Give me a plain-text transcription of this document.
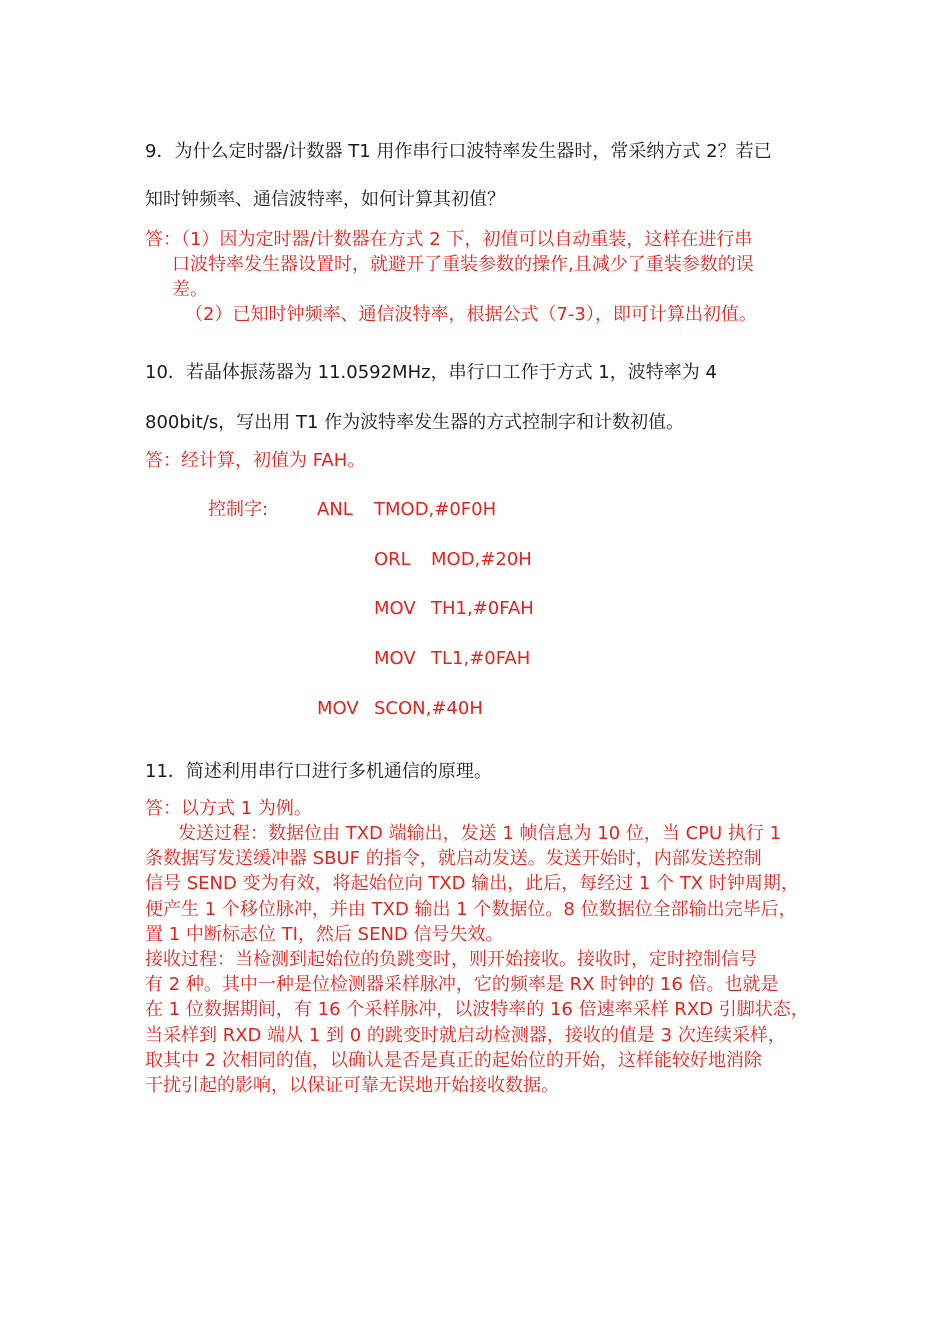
9．为什么定时器/计数器 T1 用作串行口波特率发生器时，常采纳方式 2？若已
知时钟频率、通信波特率，如何计算其初值？
答：（1）因为定时器/计数器在方式 2 下，初值可以自动重装，这样在进行串
口波特率发生器设置时，就避开了重装参数的操作,且减少了重装参数的误
差。
（2）已知时钟频率、通信波特率，根据公式（7-3），即可计算出初值。
10．若晶体振荡器为 11.0592MHz，串行口工作于方式 1，波特率为 4
800bit/s，写出用 T1 作为波特率发生器的方式控制字和计数初值。
答：经计算，初值为 FAH。
控制字:	ANL TMOD,#0F0H
ORL MOD,#20H
MOV TH1,#0FAH
MOV TL1,#0FAH
MOV SCON,#40H
11．简述利用串行口进行多机通信的原理。
答：以方式 1 为例。
发送过程：数据位由 TXD 端输出，发送 1 帧信息为 10 位，当 CPU 执行 1
条数据写发送缓冲器 SBUF 的指令，就启动发送。发送开始时，内部发送控制
信号 SEND 变为有效，将起始位向 TXD 输出，此后，每经过 1 个 TX 时钟周期，
便产生 1 个移位脉冲，并由 TXD 输出 1 个数据位。8 位数据位全部输出完毕后，
置 1 中断标志位 TI，然后 SEND 信号失效。
接收过程：当检测到起始位的负跳变时，则开始接收。接收时，定时控制信号
有 2 种。其中一种是位检测器采样脉冲，它的频率是 RX 时钟的 16 倍。也就是
在 1 位数据期间，有 16 个采样脉冲，以波特率的 16 倍速率采样 RXD 引脚状态，
当采样到 RXD 端从 1 到 0 的跳变时就启动检测器，接收的值是 3 次连续采样，
取其中 2 次相同的值，以确认是否是真正的起始位的开始，这样能较好地消除
干扰引起的影响，以保证可靠无误地开始接收数据。
